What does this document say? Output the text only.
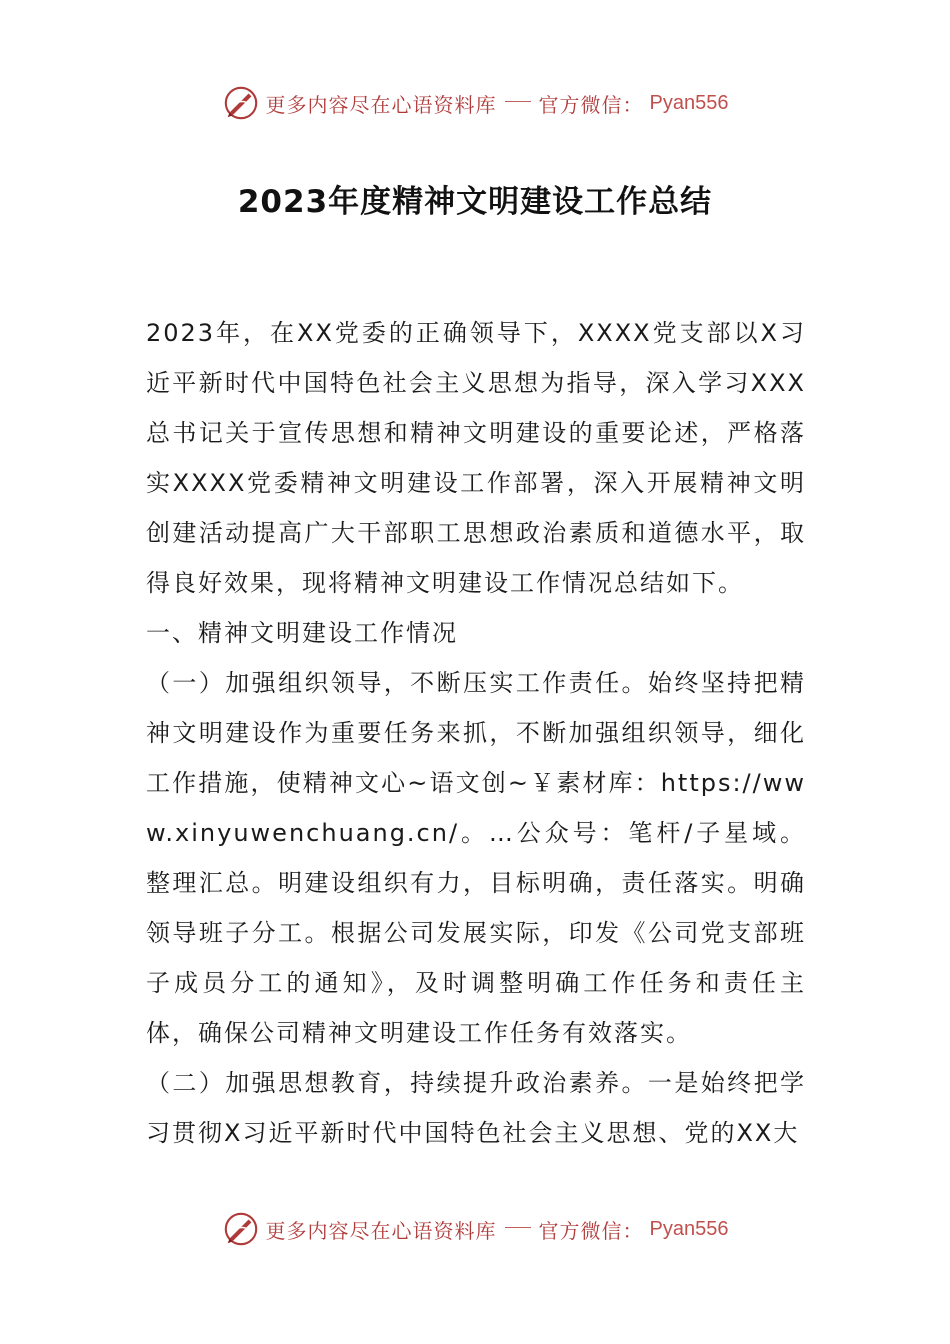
更多内容尽在心语资料库 官方微信： Pyan556
2023年度精神文明建设工作总结

2023年，在XX党委的正确领导下，XXXX党支部以X习近平新时代中国特色社会主义思想为指导，深入学习XXX总书记关于宣传思想和精神文明建设的重要论述，严格落实XXXX党委精神文明建设工作部署，深入开展精神文明创建活动提高广大干部职工思想政治素质和道德水平，取得良好效果，现将精神文明建设工作情况总结如下。

一、精神文明建设工作情况

（一）加强组织领导，不断压实工作责任。始终坚持把精神文明建设作为重要任务来抓，不断加强组织领导，细化工作措施，使精神文心~语文创~￥素材库：https://www.xinyuwenchuang.cn/。…公众号：笔杆/子星域。整理汇总。明建设组织有力，目标明确，责任落实。明确领导班子分工。根据公司发展实际，印发《公司党支部班子成员分工的通知》，及时调整明确工作任务和责任主体，确保公司精神文明建设工作任务有效落实。

（二）加强思想教育，持续提升政治素养。一是始终把学习贯彻X习近平新时代中国特色社会主义思想、党的XX大

更多内容尽在心语资料库 官方微信： Pyan556
